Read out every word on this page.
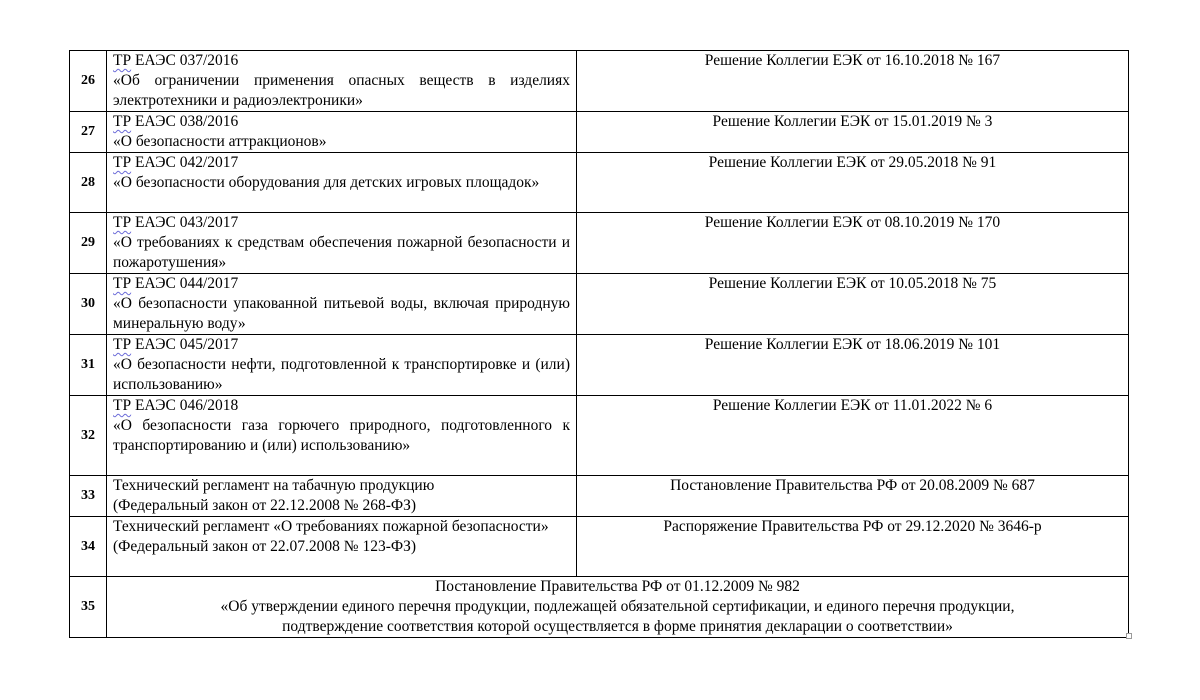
26	ТР ЕАЭС 037/2016
«Об ограничении применения опасных веществ в изделиях электротехники и радиоэлектроники»	Решение Коллегии ЕЭК от 16.10.2018 № 167
27	ТР ЕАЭС 038/2016
«О безопасности аттракционов»	Решение Коллегии ЕЭК от 15.01.2019 № 3
28	ТР ЕАЭС 042/2017
«О безопасности оборудования для детских игровых площадок»	Решение Коллегии ЕЭК от 29.05.2018 № 91
29	ТР ЕАЭС 043/2017
«О требованиях к средствам обеспечения пожарной безопасности и пожаротушения»	Решение Коллегии ЕЭК от 08.10.2019 № 170
30	ТР ЕАЭС 044/2017
«О безопасности упакованной питьевой воды, включая природную минеральную воду»	Решение Коллегии ЕЭК от 10.05.2018 № 75
31	ТР ЕАЭС 045/2017
«О безопасности нефти, подготовленной к транспортировке и (или) использованию»	Решение Коллегии ЕЭК от 18.06.2019 № 101
32	ТР ЕАЭС 046/2018
«О безопасности газа горючего природного, подготовленного к транспортированию и (или) использованию»	Решение Коллегии ЕЭК от 11.01.2022 № 6
33	Технический регламент на табачную продукцию
(Федеральный закон от 22.12.2008 № 268-ФЗ)	Постановление Правительства РФ от 20.08.2009 № 687
34	Технический регламент «О требованиях пожарной безопасности»
(Федеральный закон от 22.07.2008 № 123-ФЗ)	Распоряжение Правительства РФ от 29.12.2020 № 3646-р
35	Постановление Правительства РФ от 01.12.2009 № 982
«Об утверждении единого перечня продукции, подлежащей обязательной сертификации, и единого перечня продукции,
подтверждение соответствия которой осуществляется в форме принятия декларации о соответствии»	
